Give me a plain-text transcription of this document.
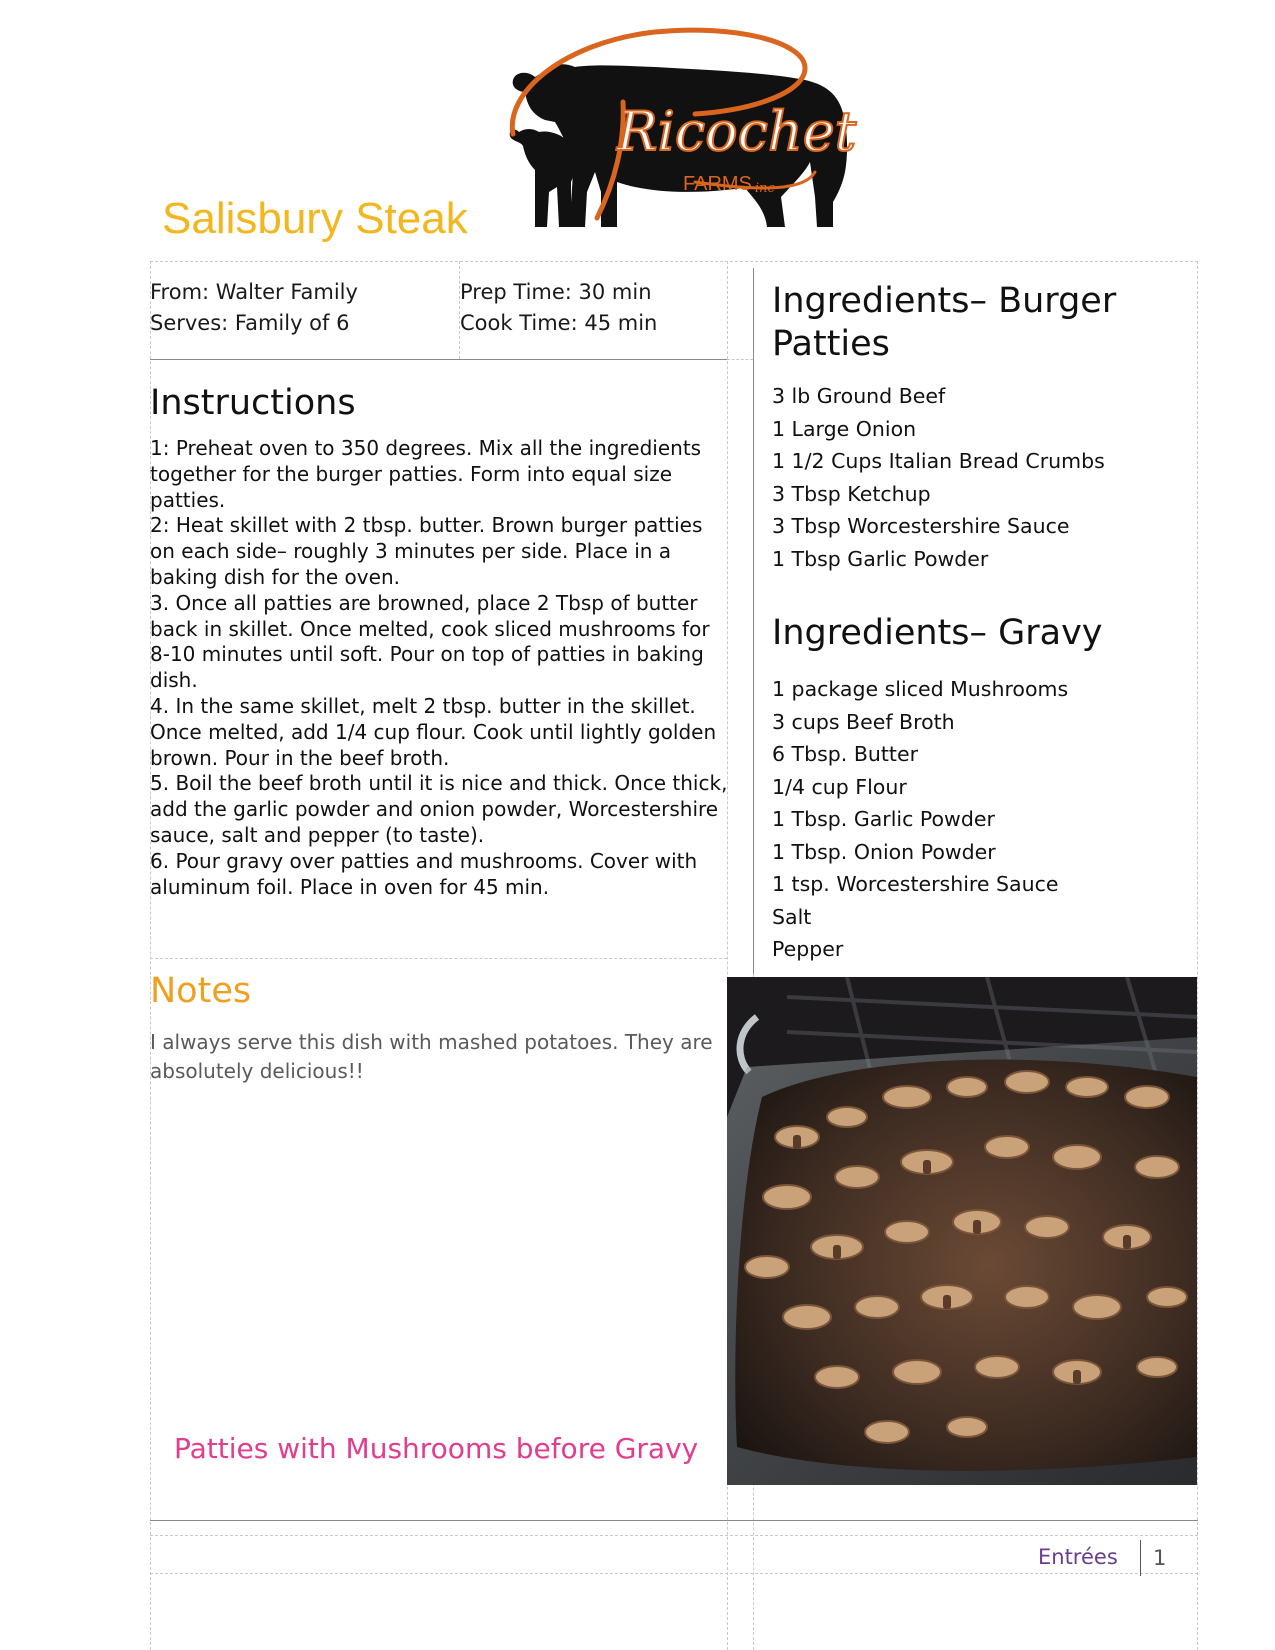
Salisbury Steak
Ricochet
FARMS inc
From: Walter Family
Serves: Family of 6
Prep Time: 30 min
Cook Time: 45 min
Instructions

1: Preheat oven to 350 degrees. Mix all the ingredients together for the burger patties. Form into equal size patties.

2: Heat skillet with 2 tbsp. butter. Brown burger patties on each side– roughly 3 minutes per side. Place in a baking dish for the oven.

3. Once all patties are browned, place 2 Tbsp of butter back in skillet. Once melted, cook sliced mushrooms for 8-10 minutes until soft. Pour on top of patties in baking dish.

4. In the same skillet, melt 2 tbsp. butter in the skillet. Once melted, add 1/4 cup flour. Cook until lightly golden brown. Pour in the beef broth.

5. Boil the beef broth until it is nice and thick. Once thick, add the garlic powder and onion powder, Worcestershire sauce, salt and pepper (to taste).

6. Pour gravy over patties and mushrooms. Cover with aluminum foil. Place in oven for 45 min.

Ingredients– Burger
Patties
3 lb Ground Beef
1 Large Onion
1 1/2 Cups Italian Bread Crumbs
3 Tbsp Ketchup
3 Tbsp Worcestershire Sauce
1 Tbsp Garlic Powder
Ingredients– Gravy
1 package sliced Mushrooms
3 cups Beef Broth
6 Tbsp. Butter
1/4 cup Flour
1 Tbsp. Garlic Powder
1 Tbsp. Onion Powder
1 tsp. Worcestershire Sauce
Salt
Pepper
Notes
I always serve this dish with mashed potatoes. They are absolutely delicious!!
Patties with Mushrooms before Gravy
Entrées 1
